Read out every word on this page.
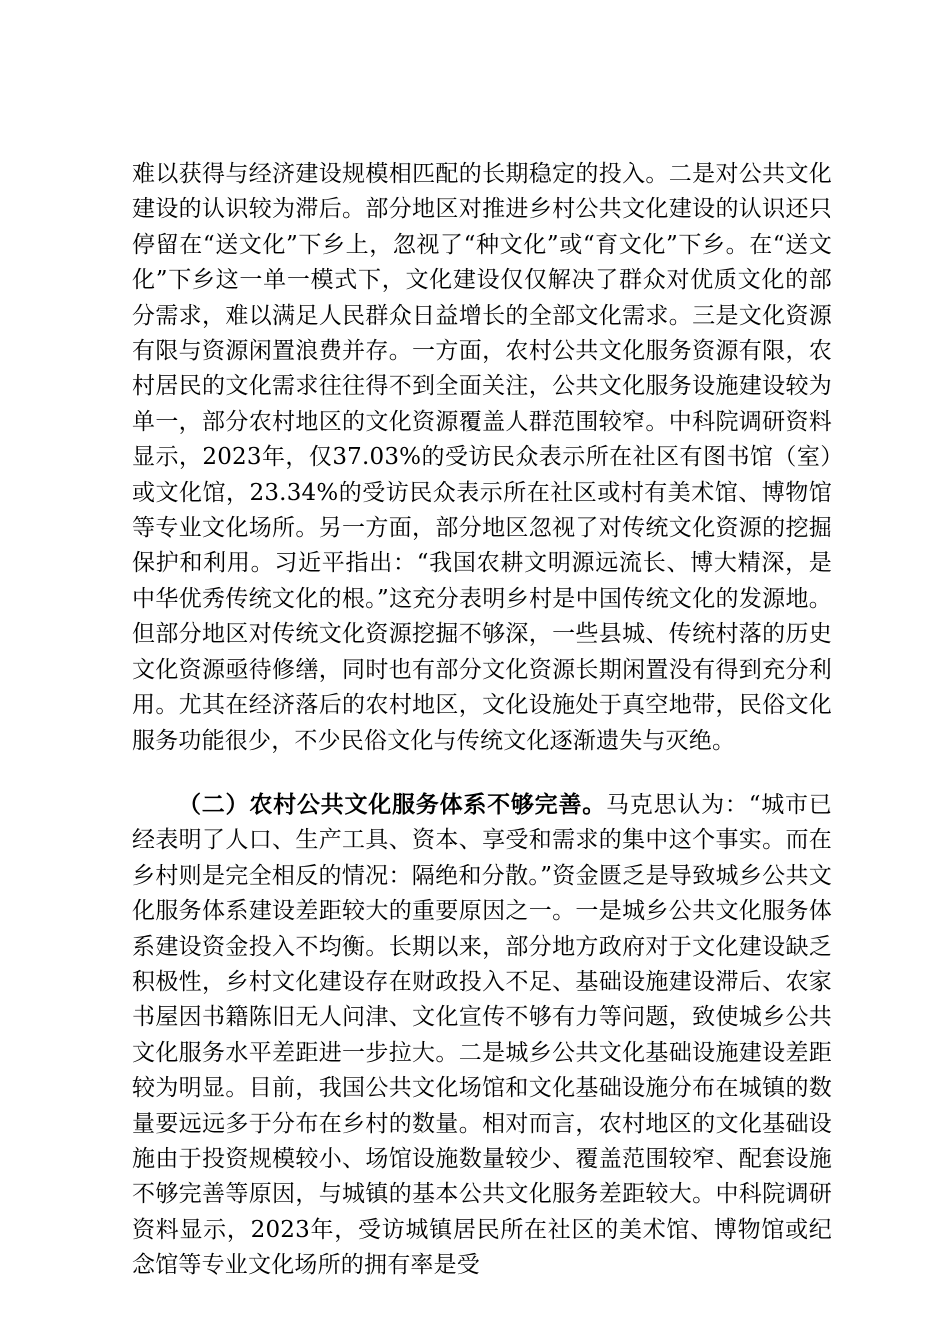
难以获得与经济建设规模相匹配的长期稳定的投入。二是对公共文化建设的认识较为滞后。部分地区对推进乡村公共文化建设的认识还只停留在“送文化”下乡上，忽视了“种文化”或“育文化”下乡。在“送文化”下乡这一单一模式下，文化建设仅仅解决了群众对优质文化的部分需求，难以满足人民群众日益增长的全部文化需求。三是文化资源有限与资源闲置浪费并存。一方面，农村公共文化服务资源有限，农村居民的文化需求往往得不到全面关注，公共文化服务设施建设较为单一，部分农村地区的文化资源覆盖人群范围较窄。中科院调研资料显示，2023年，仅37.03%的受访民众表示所在社区有图书馆（室）或文化馆，23.34%的受访民众表示所在社区或村有美术馆、博物馆等专业文化场所。另一方面，部分地区忽视了对传统文化资源的挖掘保护和利用。习近平指出：“我国农耕文明源远流长、博大精深，是中华优秀传统文化的根。”这充分表明乡村是中国传统文化的发源地。但部分地区对传统文化资源挖掘不够深，一些县城、传统村落的历史文化资源亟待修缮，同时也有部分文化资源长期闲置没有得到充分利用。尤其在经济落后的农村地区，文化设施处于真空地带，民俗文化服务功能很少，不少民俗文化与传统文化逐渐遗失与灭绝。

（二）农村公共文化服务体系不够完善。马克思认为：“城市已经表明了人口、生产工具、资本、享受和需求的集中这个事实。而在乡村则是完全相反的情况：隔绝和分散。”资金匮乏是导致城乡公共文化服务体系建设差距较大的重要原因之一。一是城乡公共文化服务体系建设资金投入不均衡。长期以来，部分地方政府对于文化建设缺乏积极性，乡村文化建设存在财政投入不足、基础设施建设滞后、农家书屋因书籍陈旧无人问津、文化宣传不够有力等问题，致使城乡公共文化服务水平差距进一步拉大。二是城乡公共文化基础设施建设差距较为明显。目前，我国公共文化场馆和文化基础设施分布在城镇的数量要远远多于分布在乡村的数量。相对而言，农村地区的文化基础设施由于投资规模较小、场馆设施数量较少、覆盖范围较窄、配套设施不够完善等原因，与城镇的基本公共文化服务差距较大。中科院调研资料显示，2023年，受访城镇居民所在社区的美术馆、博物馆或纪念馆等专业文化场所的拥有率是受
